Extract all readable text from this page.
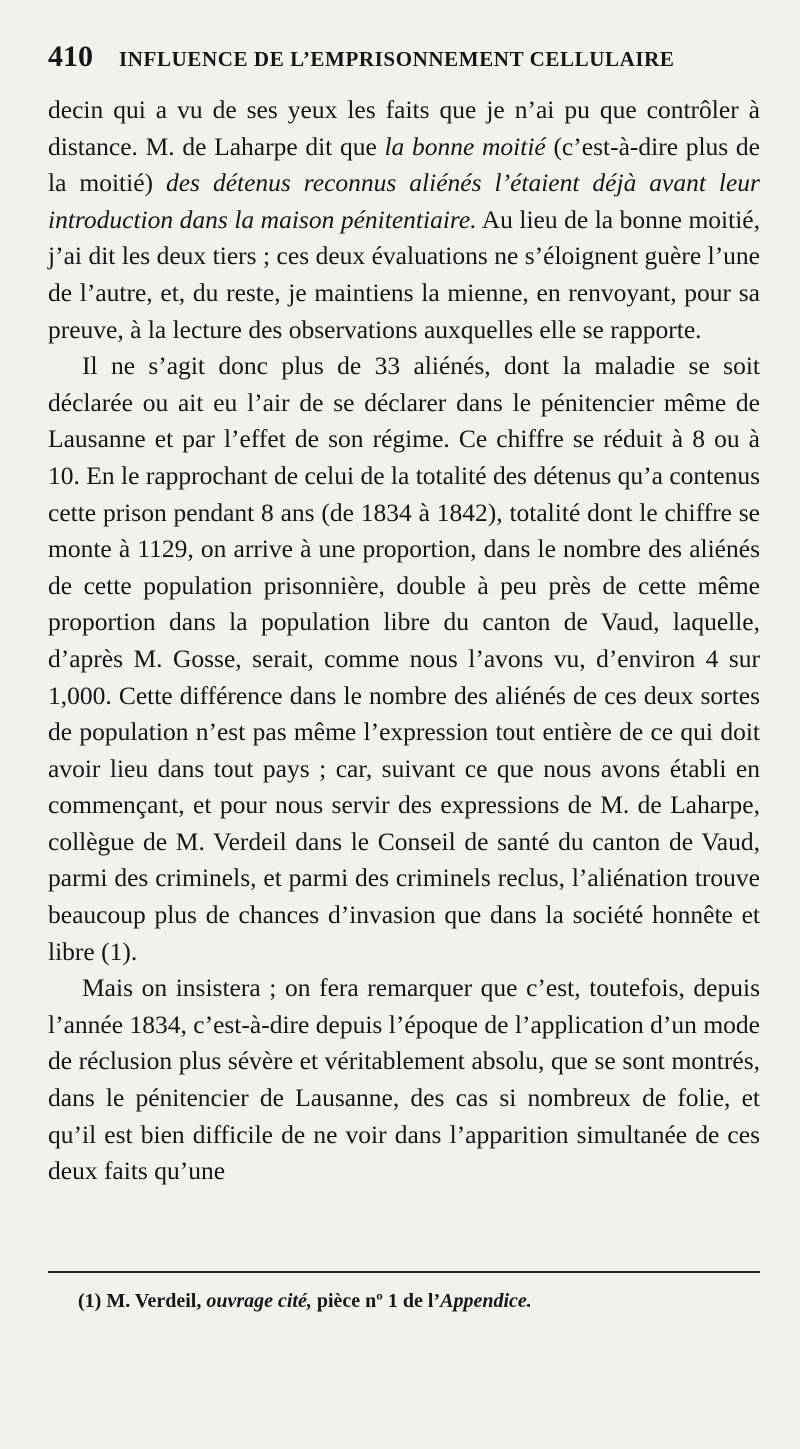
410 INFLUENCE DE L’EMPRISONNEMENT CELLULAIRE

decin qui a vu de ses yeux les faits que je n’ai pu que contrôler à distance. M. de Laharpe dit que la bonne moitié (c’est-à-dire plus de la moitié) des détenus reconnus aliénés l’étaient déjà avant leur introduction dans la maison pénitentiaire. Au lieu de la bonne moitié, j’ai dit les deux tiers ; ces deux évaluations ne s’éloignent guère l’une de l’autre, et, du reste, je maintiens la mienne, en renvoyant, pour sa preuve, à la lecture des observations auxquelles elle se rapporte.

Il ne s’agit donc plus de 33 aliénés, dont la maladie se soit déclarée ou ait eu l’air de se déclarer dans le pénitencier même de Lausanne et par l’effet de son régime. Ce chiffre se réduit à 8 ou à 10. En le rapprochant de celui de la totalité des détenus qu’a contenus cette prison pendant 8 ans (de 1834 à 1842), totalité dont le chiffre se monte à 1129, on arrive à une proportion, dans le nombre des aliénés de cette population prisonnière, double à peu près de cette même proportion dans la population libre du canton de Vaud, laquelle, d’après M. Gosse, serait, comme nous l’avons vu, d’environ 4 sur 1,000. Cette différence dans le nombre des aliénés de ces deux sortes de population n’est pas même l’expression tout entière de ce qui doit avoir lieu dans tout pays ; car, suivant ce que nous avons établi en commençant, et pour nous servir des expressions de M. de Laharpe, collègue de M. Verdeil dans le Conseil de santé du canton de Vaud, parmi des criminels, et parmi des criminels reclus, l’aliénation trouve beaucoup plus de chances d’invasion que dans la société honnête et libre (1).

Mais on insistera ; on fera remarquer que c’est, toutefois, depuis l’année 1834, c’est-à-dire depuis l’époque de l’application d’un mode de réclusion plus sévère et véritablement absolu, que se sont montrés, dans le pénitencier de Lausanne, des cas si nombreux de folie, et qu’il est bien difficile de ne voir dans l’apparition simultanée de ces deux faits qu’une

(1) M. Verdeil, ouvrage cité, pièce nº 1 de l’Appendice.
